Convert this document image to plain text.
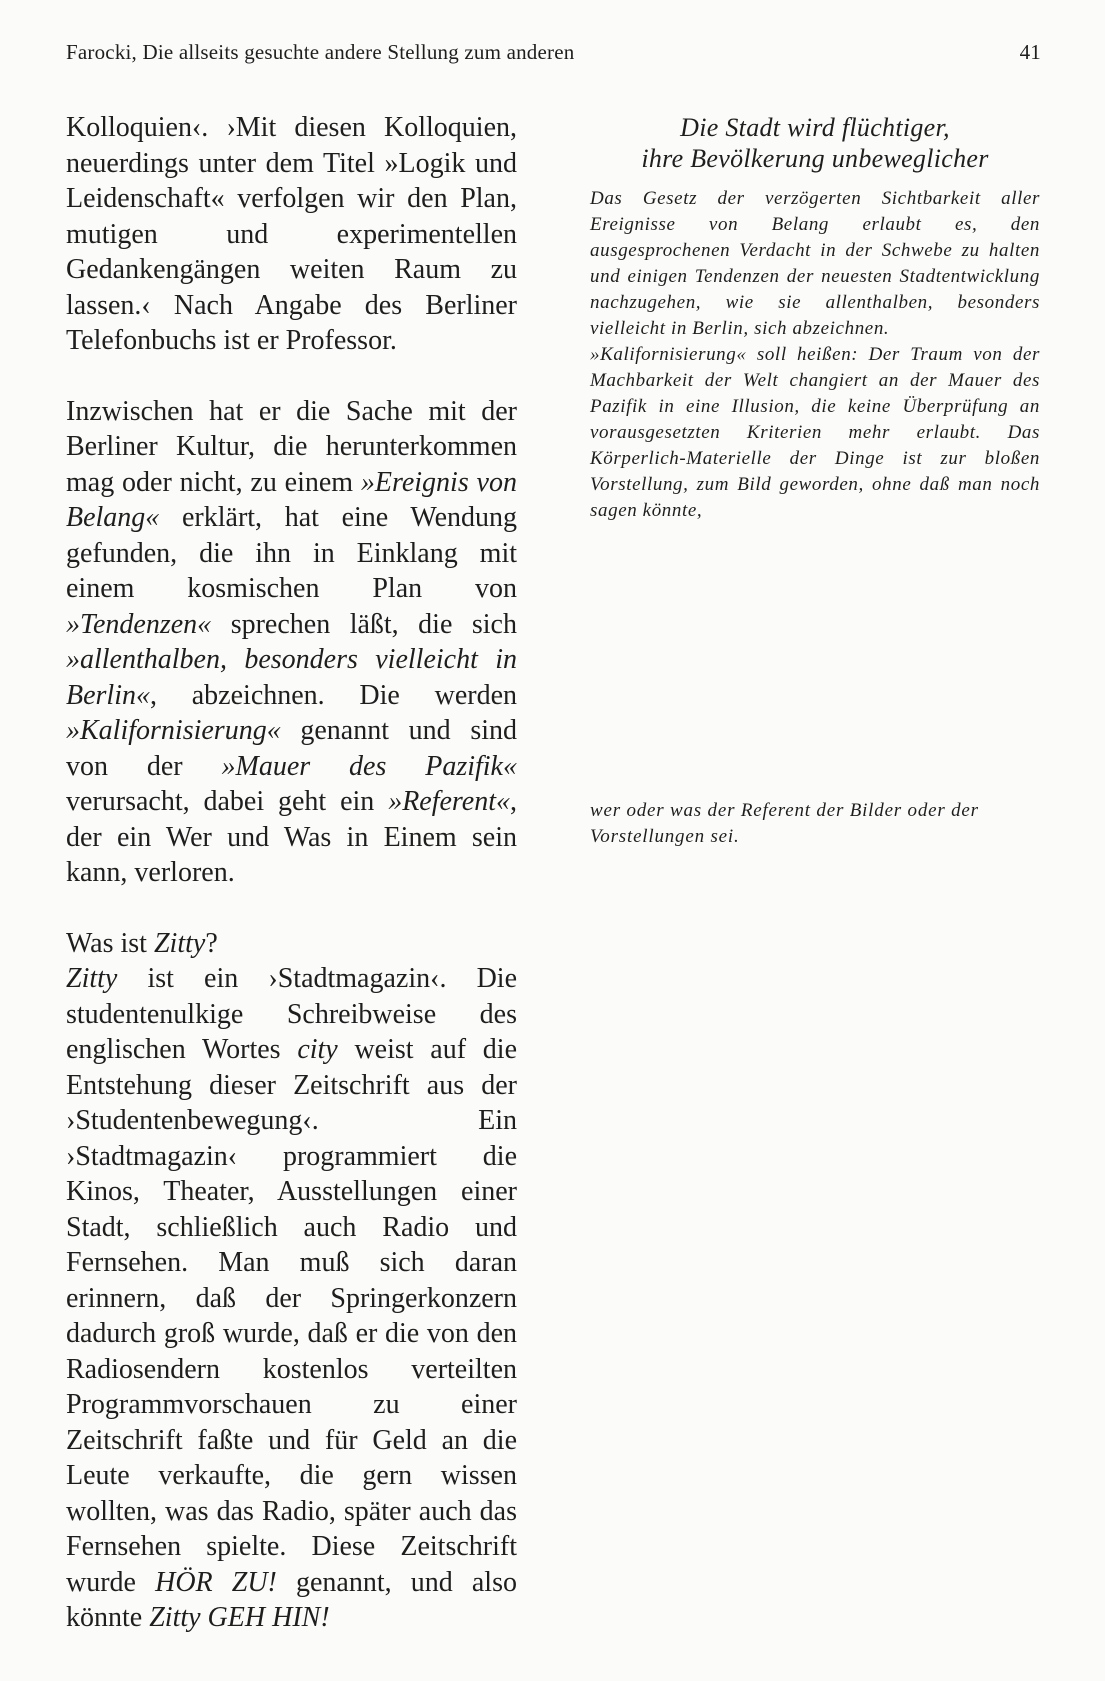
Farocki, Die allseits gesuchte andere Stellung zum anderen	41

Kolloquien‹. ›Mit diesen Kolloquien, neuerdings unter dem Titel »Logik und Leidenschaft« verfolgen wir den Plan, mutigen und experimentellen Gedankengängen weiten Raum zu lassen.‹ Nach Angabe des Berliner Telefonbuchs ist er Professor.

Inzwischen hat er die Sache mit der Berliner Kultur, die herunterkommen mag oder nicht, zu einem »Ereignis von Belang« erklärt, hat eine Wendung gefunden, die ihn in Einklang mit einem kosmischen Plan von »Tendenzen« sprechen läßt, die sich »allenthalben, besonders vielleicht in Berlin«, abzeichnen. Die werden »Kalifornisierung« genannt und sind von der »Mauer des Pazifik« verursacht, dabei geht ein »Referent«, der ein Wer und Was in Einem sein kann, verloren.

Was ist Zitty?

Zitty ist ein ›Stadtmagazin‹. Die studentenulkige Schreibweise des englischen Wortes city weist auf die Entstehung dieser Zeitschrift aus der ›Studentenbewegung‹. Ein ›Stadtmagazin‹ programmiert die Kinos, Theater, Ausstellungen einer Stadt, schließlich auch Radio und Fernsehen. Man muß sich daran erinnern, daß der Springerkonzern dadurch groß wurde, daß er die von den Radiosendern kostenlos verteilten Programmvorschauen zu einer Zeitschrift faßte und für Geld an die Leute verkaufte, die gern wissen wollten, was das Radio, später auch das Fernsehen spielte. Diese Zeitschrift wurde HÖR ZU! genannt, und also könnte Zitty GEH HIN!

Die Stadt wird flüchtiger,
ihre Bevölkerung unbeweglicher

Das Gesetz der verzögerten Sichtbarkeit aller Ereignisse von Belang erlaubt es, den ausgesprochenen Verdacht in der Schwebe zu halten und einigen Tendenzen der neuesten Stadtentwicklung nachzugehen, wie sie allenthalben, besonders vielleicht in Berlin, sich abzeichnen.

»Kalifornisierung« soll heißen: Der Traum von der Machbarkeit der Welt changiert an der Mauer des Pazifik in eine Illusion, die keine Überprüfung an vorausgesetzten Kriterien mehr erlaubt. Das Körperlich-Materielle der Dinge ist zur bloßen Vorstellung, zum Bild geworden, ohne daß man noch sagen könnte,

wer oder was der Referent der Bilder oder der Vorstellungen sei.
